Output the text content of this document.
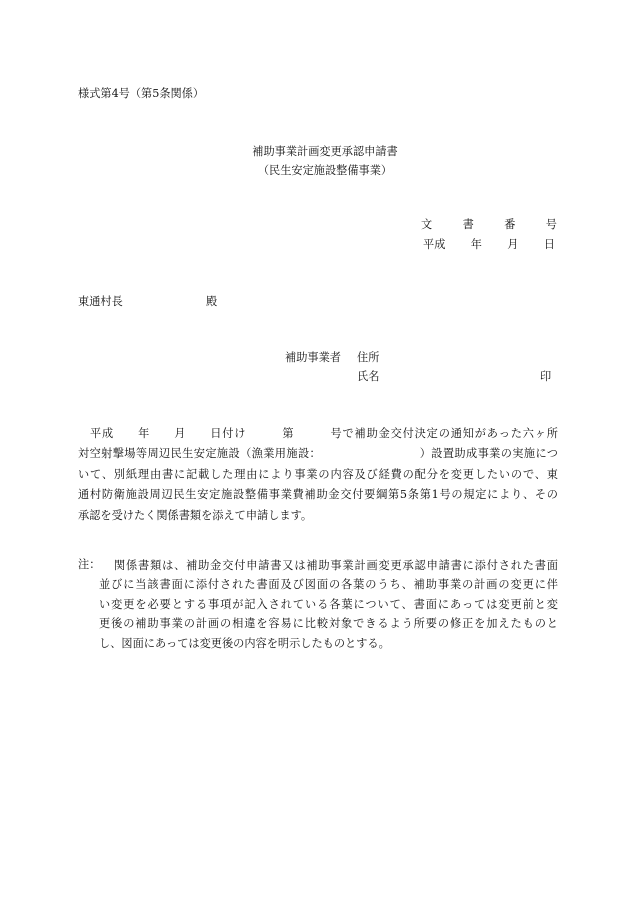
様式第4号（第5条関係）
補助事業計画変更承認申請書
（民生安定施設整備事業）
文	書	番	号
平成 年 月 日
東通村長	殿
補助事業者 住所
氏名	印
　平成　　年　　月　　日付け　　　第　　　号で補助金交付決定の通知があった六ヶ所
対空射撃場等周辺民生安定施設（漁業用施設：　　　　　　　　　）設置助成事業の実施につ
いて、別紙理由書に記載した理由により事業の内容及び経費の配分を変更したいので、東
通村防衛施設周辺民生安定施設整備事業費補助金交付要綱第5条第1号の規定により、その
承認を受けたく関係書類を添えて申請します。
注：	関係書類は、補助金交付申請書又は補助事業計画変更承認申請書に添付された書面
並びに当該書面に添付された書面及び図面の各葉のうち、補助事業の計画の変更に伴
い変更を必要とする事項が記入されている各葉について、書面にあっては変更前と変
更後の補助事業の計画の相違を容易に比較対象できるよう所要の修正を加えたものと
し、図面にあっては変更後の内容を明示したものとする。
